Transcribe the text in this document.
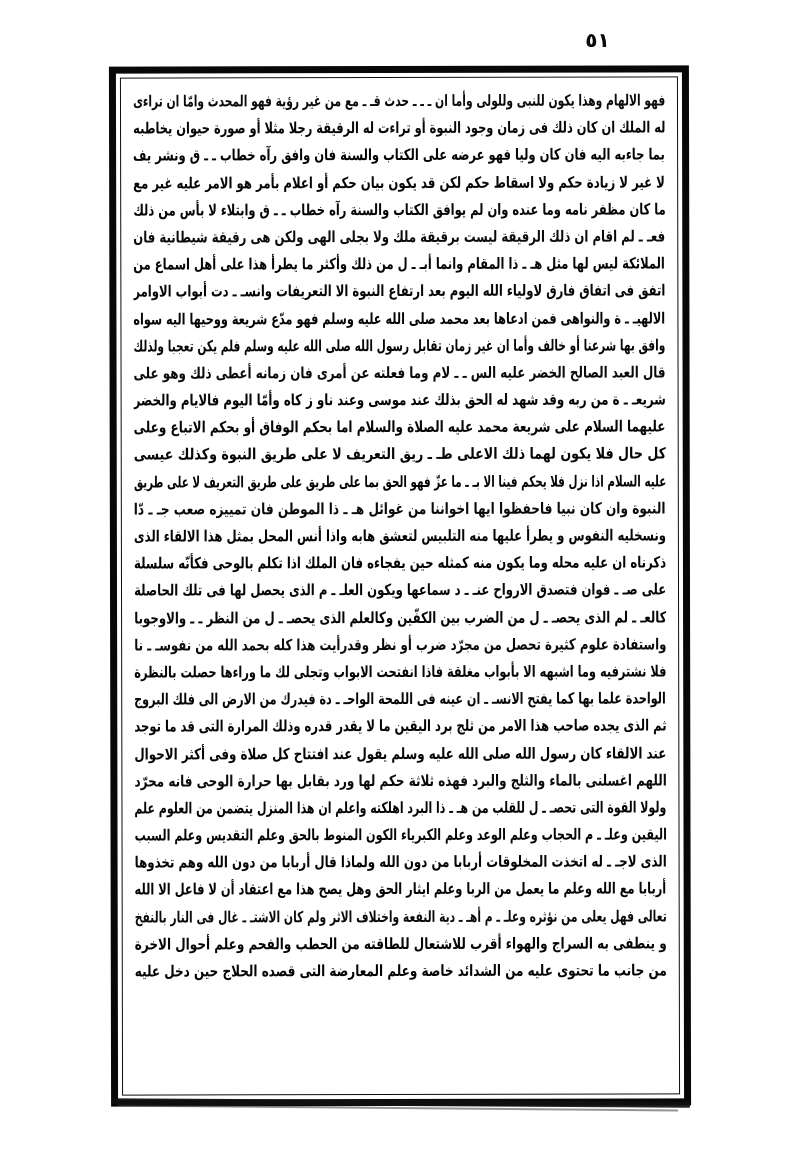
٥١
فهو الالهام وهذا يكون للنبى وللولى وأما ان ـ ـ ـ حدث قـ ـ مع من غير رؤية فهو المحدث وامّا ان تراءى
له الملك ان كان ذلك فى زمان وجود النبوة أو تراءت له الرقيقة رجلا مثلا أو صورة حيوان يخاطبه
بما جاءبه اليه فان كان وليا فهو عرضه على الكتاب والسنة فان وافق رآه خطاب ـ ـ ق ونشر يف
لا غير لا زيادة حكم ولا اسقاط حكم لكن قد يكون بيان حكم أو اعلام بأمر هو الامر عليه غير مع
ما كان مظفر نامه وما عنده وان لم يوافق الكتاب والسنة رآه خطاب ـ ـ ق وابتلاء لا بأس من ذلك
فعـ ـ لم اقام ان ذلك الرقيقة ليست برقيقة ملك ولا بجلى الهى ولكن هى رقيقة شيطانية فان
الملائكة ليس لها مثل هـ ـ ذا المقام وانما أبـ ـ ل من ذلك وأكثر ما يطرأ هذا على أهل اسماع من
اتفق فى اتفاق فارق لاولياء الله اليوم بعد ارتفاع النبوة الا التعريفات وانسـ ـ دت أبواب الاوامر
الالهيـ ـ ة والنواهى فمن ادعاها بعد محمد صلى الله عليه وسلم فهو مدّع شريعة ووحيها اليه سواه
وافق بها شرعنا أو خالف وأما ان غير زمان تقابل رسول الله صلى الله عليه وسلم فلم يكن تعجبا ولذلك
قال العبد الصالح الخضر عليه الس ـ ـ لام وما فعلته عن أمرى فان زمانه أعطى ذلك وهو على
شريعـ ـ ة من ربه وقد شهد له الحق بذلك عند موسى وعند ناو ز كاه وأمّا اليوم فالايام والخضر
عليهما السلام على شريعة محمد عليه الصلاة والسلام اما بحكم الوفاق أو بحكم الاتباع وعلى
كل حال فلا يكون لهما ذلك الاعلى طـ ـ ريق التعريف لا على طريق النبوة وكذلك عيسى
عليه السلام اذا نزل فلا يحكم فينا الا بـ ـ ما عزّ فهو الحق بما على طريق على طريق التعريف لا على طريق
النبوة وان كان نبيا فاحفظوا ايها اخواننا من غوائل هـ ـ ذا الموطن فان تمييزه صعب جـ ـ دّا
ونسخليه النفوس و يطرأ عليها منه التلبيس لتعشق هابه واذا أنس المحل بمثل هذا الالقاء الذى
ذكرناه ان عليه محله وما يكون منه كمثله حين يفجاءه فان الملك اذا تكلم بالوحى فكأنّه سلسلة
على صـ ـ فوان فتصدق الارواح عنـ ـ د سماعها ويكون العلـ ـ م الذى يحصل لها فى تلك الحاصلة
كالعـ ـ لم الذى يحصـ ـ ل من الضرب بين الكفّين وكالعلم الذى يحصـ ـ ل من النظر ـ ـ والاوجوبا
واستفادة علوم كثيرة تحصل من مجرّد ضرب أو نظر وقدرأيت هذا كله بحمد الله من نفوسـ ـ نا
فلا نشترفيه وما اشبهه الا بأبواب مغلقة فاذا انفتحت الابواب وتجلى لك ما وراءها حصلت بالنظرة
الواحدة علما بها كما يفتح الانسـ ـ ان عينه فى اللمحة الواحـ ـ دة فيدرك من الارض الى فلك البروج
ثم الذى يجده صاحب هذا الامر من ثلج برد اليقين ما لا يقدر قدره وذلك المرارة التى قد ما توجد
عند الالقاء كان رسول الله صلى الله عليه وسلم يقول عند افتتاح كل صلاة وفى أكثر الاحوال
اللهم اغسلنى بالماء والثلج والبرد فهذه ثلاثة حكم لها ورد بقابل بها حرارة الوحى فانه محرّد
ولولا القوة التى تحصـ ـ ل للقلب من هـ ـ ذا البرد اهلكته واعلم ان هذا المنزل يتضمن من العلوم علم
اليقين وعلـ ـ م الحجاب وعلم الوعد وعلم الكبرياء الكون المنوط بالحق وعلم التقديس وعلم السبب
الذى لاجـ ـ له اتخذت المخلوقات أربابا من دون الله ولماذا قال أربابا من دون الله وهم تخذوها
أربابا مع الله وعلم ما يعمل من الربا وعلم ايثار الحق وهل يصح هذا مع اعتقاد أن لا فاعل الا الله
تعالى فهل يعلى من نؤثره وعلـ ـ م أهـ ـ دية النفعة واختلاف الاثر ولم كان الاشتـ ـ غال فى النار بالنفخ
و ينطفى به السراج والهواء أقرب للاشتعال للطاقته من الحطب والفحم وعلم أحوال الاخرة
من جانب ما تحتوى عليه من الشدائد خاصة وعلم المعارضة التى قصده الحلاج حين دخل عليه
